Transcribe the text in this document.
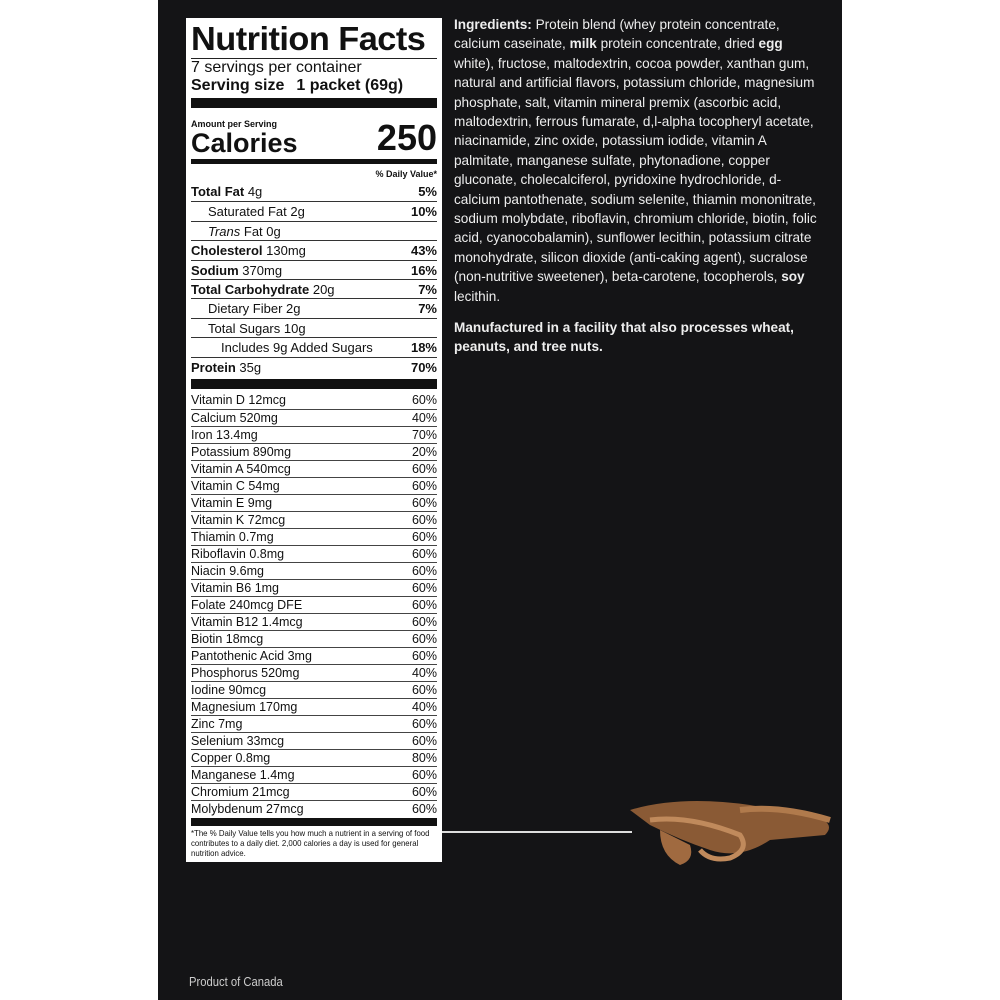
Nutrition Facts
7 servings per container
Serving size 1 packet (69g)
Amount per Serving
Calories 250
% Daily Value*
Total Fat 4g	5%
Saturated Fat 2g	10%
Trans Fat 0g
Cholesterol 130mg	43%
Sodium 370mg	16%
Total Carbohydrate 20g	7%
Dietary Fiber 2g	7%
Total Sugars 10g
Includes 9g Added Sugars	18%
Protein 35g	70%
Vitamin D 12mcg	60%
Calcium 520mg	40%
Iron 13.4mg	70%
Potassium 890mg	20%
Vitamin A 540mcg	60%
Vitamin C 54mg	60%
Vitamin E 9mg	60%
Vitamin K 72mcg	60%
Thiamin 0.7mg	60%
Riboflavin 0.8mg	60%
Niacin 9.6mg	60%
Vitamin B6 1mg	60%
Folate 240mcg DFE	60%
Vitamin B12 1.4mcg	60%
Biotin 18mcg	60%
Pantothenic Acid 3mg	60%
Phosphorus 520mg	40%
Iodine 90mcg	60%
Magnesium 170mg	40%
Zinc 7mg	60%
Selenium 33mcg	60%
Copper 0.8mg	80%
Manganese 1.4mg	60%
Chromium 21mcg	60%
Molybdenum 27mcg	60%
*The % Daily Value tells you how much a nutrient in a serving of food contributes to a daily diet. 2,000 calories a day is used for general nutrition advice.
Ingredients: Protein blend (whey protein concentrate, calcium caseinate, milk protein concentrate, dried egg white), fructose, maltodextrin, cocoa powder, xanthan gum, natural and artificial flavors, potassium chloride, magnesium phosphate, salt, vitamin mineral premix (ascorbic acid, maltodextrin, ferrous fumarate, d,l-alpha tocopheryl acetate, niacinamide, zinc oxide, potassium iodide, vitamin A palmitate, manganese sulfate, phytonadione, copper gluconate, cholecalciferol, pyridoxine hydrochloride, d-calcium pantothenate, sodium selenite, thiamin mononitrate, sodium molybdate, riboflavin, chromium chloride, biotin, folic acid, cyanocobalamin), sunflower lecithin, potassium citrate monohydrate, silicon dioxide (anti-caking agent), sucralose (non-nutritive sweetener), beta-carotene, tocopherols, soy lecithin.
Manufactured in a facility that also processes wheat, peanuts, and tree nuts.
Product of Canada
